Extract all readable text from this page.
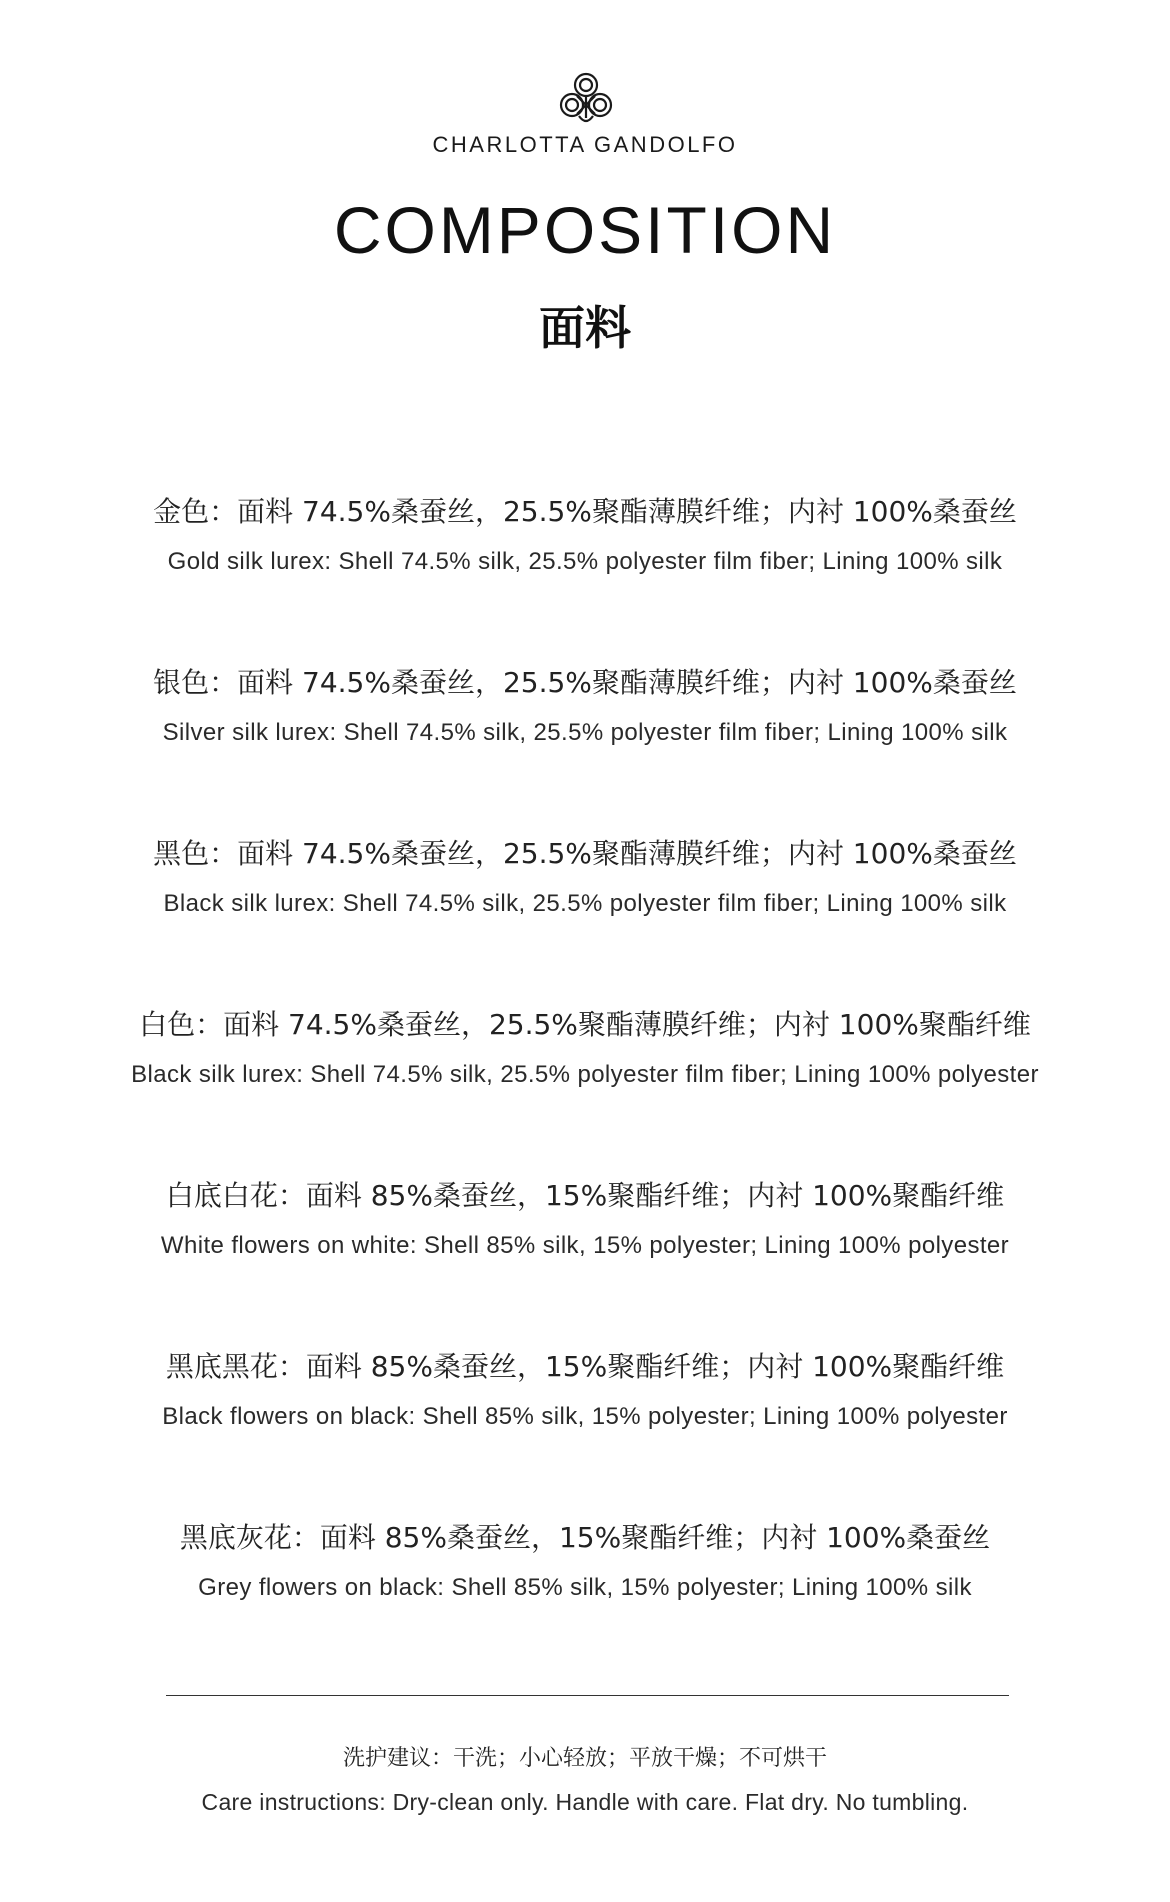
CHARLOTTA GANDOLFO
COMPOSITION
面料
金色：面料 74.5%桑蚕丝，25.5%聚酯薄膜纤维；内衬 100%桑蚕丝
Gold silk lurex: Shell 74.5% silk, 25.5% polyester film fiber; Lining 100% silk
银色：面料 74.5%桑蚕丝，25.5%聚酯薄膜纤维；内衬 100%桑蚕丝
Silver silk lurex: Shell 74.5% silk, 25.5% polyester film fiber; Lining 100% silk
黑色：面料 74.5%桑蚕丝，25.5%聚酯薄膜纤维；内衬 100%桑蚕丝
Black silk lurex: Shell 74.5% silk, 25.5% polyester film fiber; Lining 100% silk
白色：面料 74.5%桑蚕丝，25.5%聚酯薄膜纤维；内衬 100%聚酯纤维
Black silk lurex: Shell 74.5% silk, 25.5% polyester film fiber; Lining 100% polyester
白底白花：面料 85%桑蚕丝，15%聚酯纤维；内衬 100%聚酯纤维
White flowers on white: Shell 85% silk, 15% polyester; Lining 100% polyester
黑底黑花：面料 85%桑蚕丝，15%聚酯纤维；内衬 100%聚酯纤维
Black flowers on black: Shell 85% silk, 15% polyester; Lining 100% polyester
黑底灰花：面料 85%桑蚕丝，15%聚酯纤维；内衬 100%桑蚕丝
Grey flowers on black: Shell 85% silk, 15% polyester; Lining 100% silk
洗护建议：干洗；小心轻放；平放干燥；不可烘干
Care instructions: Dry-clean only. Handle with care. Flat dry. No tumbling.
